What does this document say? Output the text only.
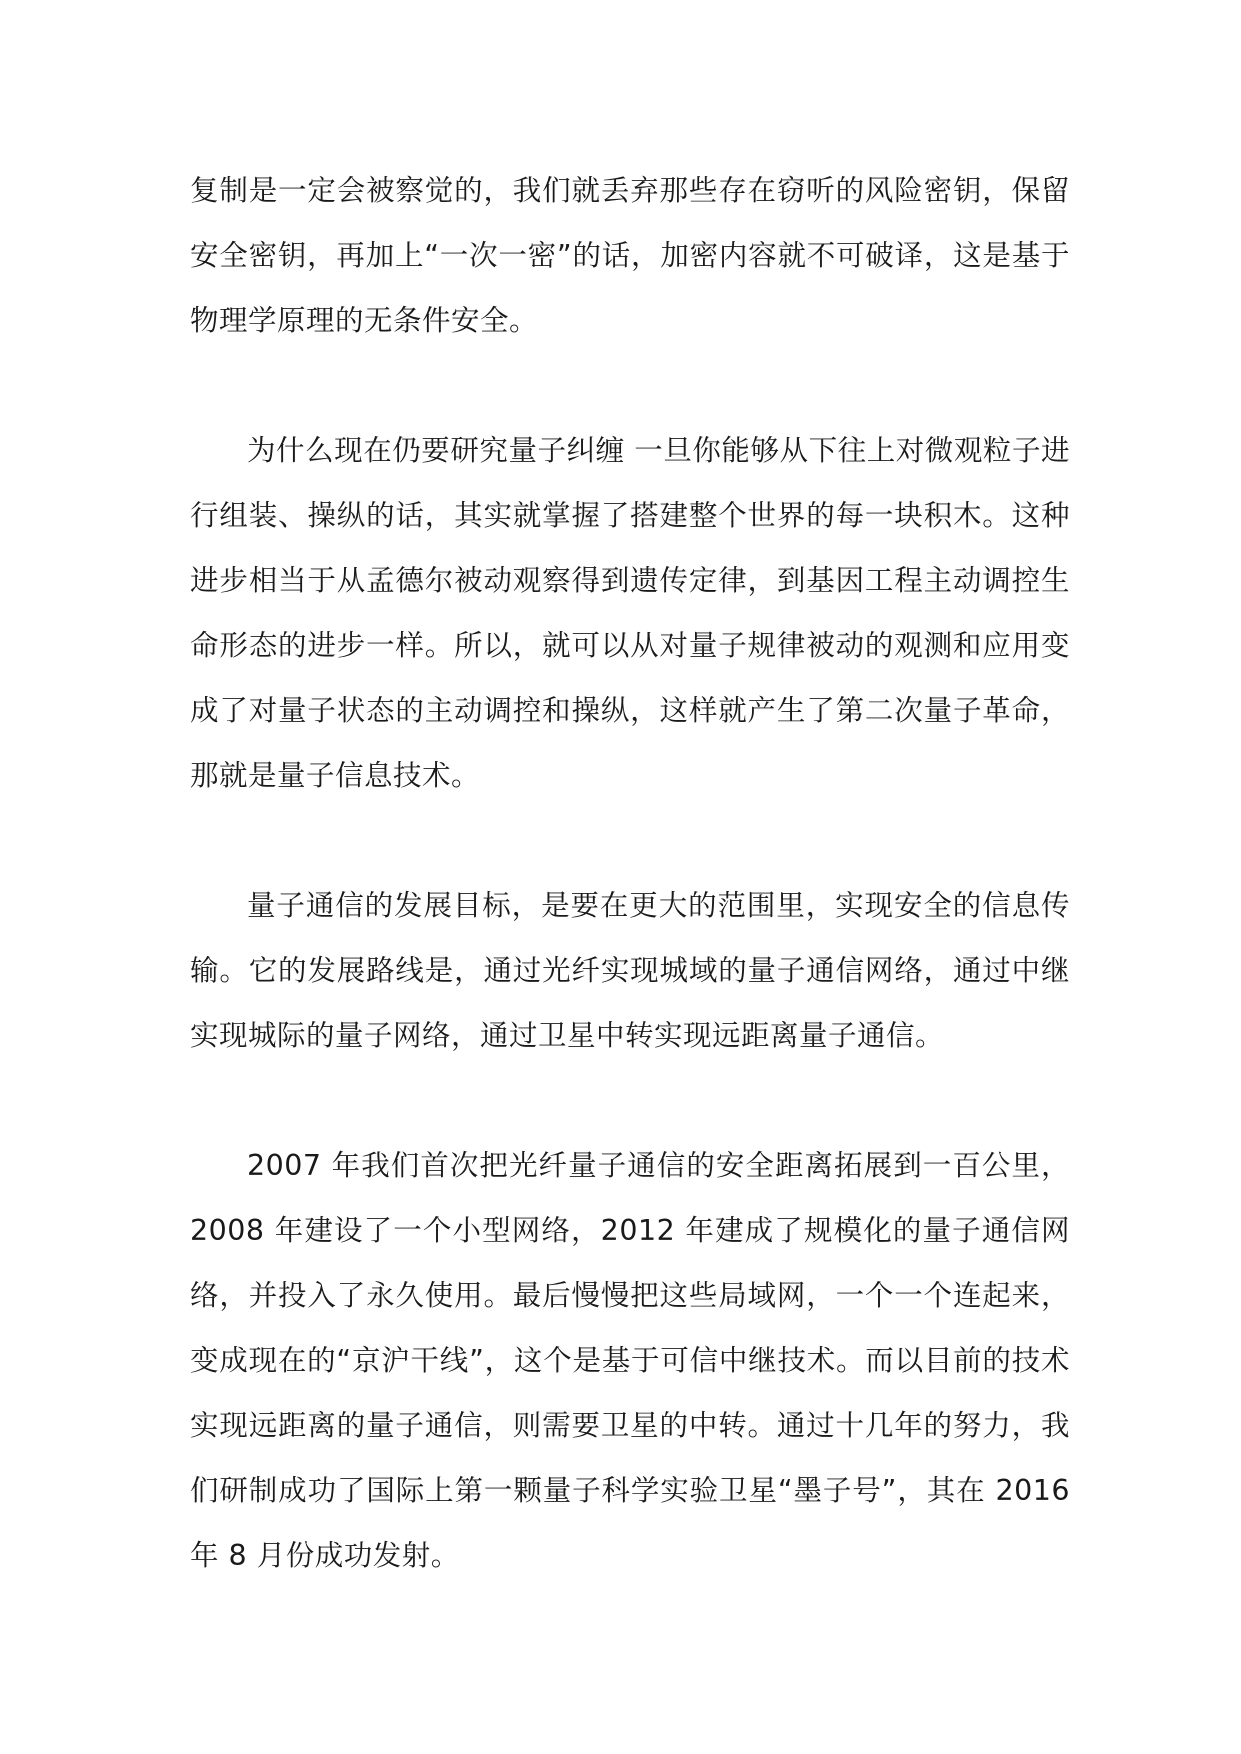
复制是一定会被察觉的，我们就丢弃那些存在窃听的风险密钥，保留安全密钥，再加上“一次一密”的话，加密内容就不可破译，这是基于物理学原理的无条件安全。

为什么现在仍要研究量子纠缠 一旦你能够从下往上对微观粒子进行组装、操纵的话，其实就掌握了搭建整个世界的每一块积木。这种进步相当于从孟德尔被动观察得到遗传定律，到基因工程主动调控生命形态的进步一样。所以，就可以从对量子规律被动的观测和应用变成了对量子状态的主动调控和操纵，这样就产生了第二次量子革命，那就是量子信息技术。

量子通信的发展目标，是要在更大的范围里，实现安全的信息传输。它的发展路线是，通过光纤实现城域的量子通信网络，通过中继实现城际的量子网络，通过卫星中转实现远距离量子通信。

2007 年我们首次把光纤量子通信的安全距离拓展到一百公里，2008 年建设了一个小型网络，2012 年建成了规模化的量子通信网络，并投入了永久使用。最后慢慢把这些局域网，一个一个连起来，变成现在的“京沪干线”，这个是基于可信中继技术。而以目前的技术实现远距离的量子通信，则需要卫星的中转。通过十几年的努力，我们研制成功了国际上第一颗量子科学实验卫星“墨子号”，其在 2016 年 8 月份成功发射。
